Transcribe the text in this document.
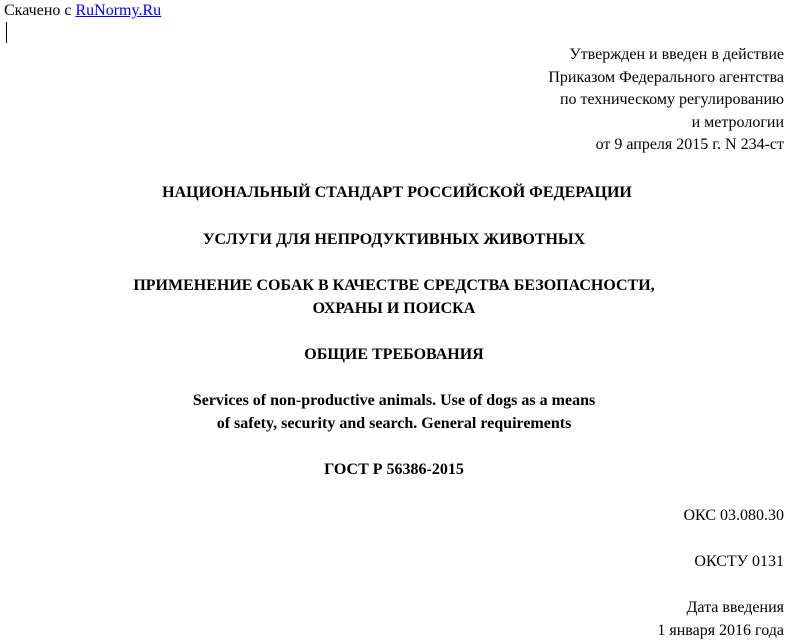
Скачено с RuNormy.Ru
Утвержден и введен в действие
Приказом Федерального агентства
по техническому регулированию
и метрологии
от 9 апреля 2015 г. N 234-ст
НАЦИОНАЛЬНЫЙ СТАНДАРТ РОССИЙСКОЙ ФЕДЕРАЦИИ
УСЛУГИ ДЛЯ НЕПРОДУКТИВНЫХ ЖИВОТНЫХ
ПРИМЕНЕНИЕ СОБАК В КАЧЕСТВЕ СРЕДСТВА БЕЗОПАСНОСТИ,
ОХРАНЫ И ПОИСКА
ОБЩИЕ ТРЕБОВАНИЯ
Services of non-productive animals. Use of dogs as a means
of safety, security and search. General requirements
ГОСТ Р 56386-2015
ОКС 03.080.30
ОКСТУ 0131
Дата введения
1 января 2016 года
